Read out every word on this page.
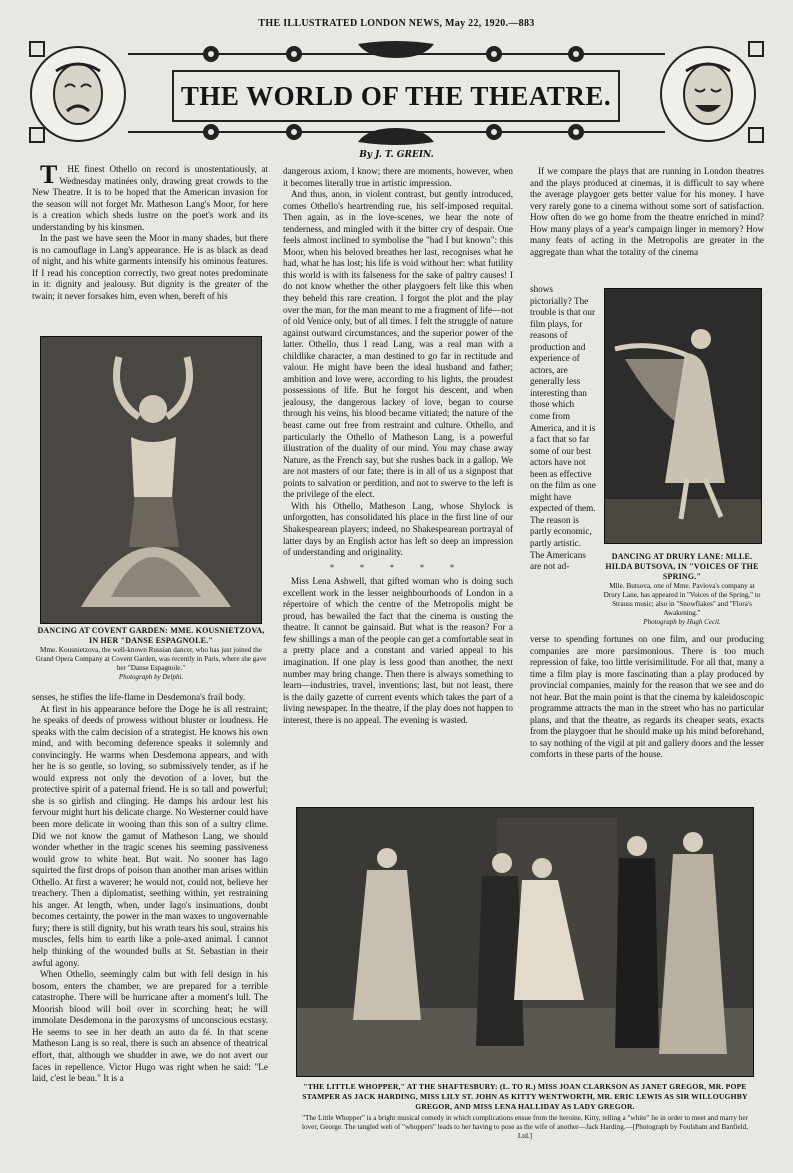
THE ILLUSTRATED LONDON NEWS, May 22, 1920.—883
THE WORLD OF THE THEATRE.
By J. T. GREIN.

THE finest Othello on record is unostentatiously, at Wednesday matinées only, drawing great crowds to the New Theatre. It is to be hoped that the American invasion for the season will not forget Mr. Matheson Lang's Moor, for here is a creation which sheds lustre on the poet's work and its understanding by his kinsmen.

In the past we have seen the Moor in many shades, but there is no camouflage in Lang's appearance. He is as black as dead of night, and his white garments intensify his ominous features. If I read his conception correctly, two great notes predominate in it: dignity and jealousy. But dignity is the greater of the twain; it never forsakes him, even when, bereft of his

DANCING AT COVENT GARDEN: MME. KOUSNIETZOVA, IN HER "DANSE ESPAGNOLE."
Mme. Kousnietzova, the well-known Russian dancer, who has just joined the Grand Opera Company at Covent Garden, was recently in Paris, where she gave her "Danse Espagnole."
Photograph by Delphi.

senses, he stifles the life-flame in Desdemona's frail body.

At first in his appearance before the Doge he is all restraint; he speaks of deeds of prowess without bluster or loudness. He speaks with the calm decision of a strategist. He knows his own mind, and with becoming deference speaks it solemnly and convincingly. He warms when Desdemona appears, and with her he is so gentle, so loving, so submissively tender, as if he would express not only the devotion of a lover, but the protective spirit of a paternal friend. He is so tall and powerful; she is so girlish and clinging. He damps his ardour lest his fervour might hurt his delicate charge. No Westerner could have been more delicate in wooing than this son of a sultry clime. Did we not know the gamut of Matheson Lang, we should wonder whether in the tragic scenes his seeming passiveness would grow to white heat. But wait. No sooner has Iago squirted the first drops of poison than another man arises within Othello. At first a waverer; he would not, could not, believe her treachery. Then a diplomatist, seething within, yet restraining his anger. At length, when, under Iago's insinuations, doubt becomes certainty, the power in the man waxes to ungovernable fury; there is still dignity, but his wrath tears his soul, strains his muscles, fells him to earth like a pole-axed animal. I cannot help thinking of the wounded bulls at St. Sebastian in their awful agony.

When Othello, seemingly calm but with fell design in his bosom, enters the chamber, we are prepared for a terrible catastrophe. There will be hurricane after a moment's lull. The Moorish blood will boil over in scorching heat; he will immolate Desdemona in the paroxysms of unconscious ecstasy. He seems to see in her death an auto da fé. In that scene Matheson Lang is so real, there is such an absence of theatrical effort, that, although we shudder in awe, we do not avert our faces in repellence. Victor Hugo was right when he said: "Le laid, c'est le beau." It is a

dangerous axiom, I know; there are moments, however, when it becomes literally true in artistic impression.

And thus, anon, in violent contrast, but gently introduced, comes Othello's heartrending rue, his self-imposed requital. Then again, as in the love-scenes, we hear the note of tenderness, and mingled with it the bitter cry of despair. One feels almost inclined to symbolise the "had I but known": this Moor, when his beloved breathes her last, recognises what he had, what he has lost; his life is void without her: what futility this world is with its falseness for the sake of paltry causes! I do not know whether the other playgoers felt like this when they beheld this rare creation. I forgot the plot and the play over the man, for the man meant to me a fragment of life—not of old Venice only, but of all times. I felt the struggle of nature against outward circumstances, and the superior power of the latter. Othello, thus I read Lang, was a real man with a childlike character, a man destined to go far in rectitude and valour. He might have been the ideal husband and father; ambition and love were, according to his lights, the proudest possessions of life. But he forgot his descent, and when jealousy, the dangerous lackey of love, began to course through his veins, his blood became vitiated; the nature of the beast came out free from restraint and culture. Othello, and particularly the Othello of Matheson Lang, is a powerful illustration of the duality of our mind. You may chase away Nature, as the French say, but she rushes back in a gallop. We are not masters of our fate; there is in all of us a signpost that points to salvation or perdition, and not to swerve to the left is the privilege of the elect.

With his Othello, Matheson Lang, whose Shylock is unforgotten, has consolidated his place in the first line of our Shakespearean players; indeed, no Shakespearean portrayal of latter days by an English actor has left so deep an impression of understanding and originality.

* * * * *

Miss Lena Ashwell, that gifted woman who is doing such excellent work in the lesser neighbourhoods of London in a répertoire of which the centre of the Metropolis might be proud, has bewailed the fact that the cinema is ousting the theatre. It cannot be gainsaid. But what is the reason? For a few shillings a man of the people can get a comfortable seat in a pretty place and a constant and varied appeal to his imagination. If one play is less good than another, the next number may bring change. Then there is always something to learn—industries, travel, inventions; last, but not least, there is the daily gazette of current events which takes the part of a living newspaper. In the theatre, if the play does not happen to interest, there is no appeal. The evening is wasted.

If we compare the plays that are running in London theatres and the plays produced at cinemas, it is difficult to say where the average playgoer gets better value for his money. I have very rarely gone to a cinema without some sort of satisfaction. How often do we go home from the theatre enriched in mind? How many plays of a year's campaign linger in memory? How many feats of acting in the Metropolis are greater in the aggregate than what the totality of the cinema

shows pictorially? The trouble is that our film plays, for reasons of production and experience of actors, are generally less interesting than those which come from America, and it is a fact that so far some of our best actors have not been as effective on the film as one might have expected of them. The reason is partly economic, partly artistic. The Americans are not ad-

DANCING AT DRURY LANE: MLLE. HILDA BUTSOVA, IN "VOICES OF THE SPRING."
Mlle. Butsova, one of Mme. Pavlova's company at Drury Lane, has appeared in "Voices of the Spring," to Strauss music; also in "Snowflakes" and "Flora's Awakening."
Photograph by Hugh Cecil.

verse to spending fortunes on one film, and our producing companies are more parsimonious. There is too much repression of fake, too little verisimilitude. For all that, many a time a film play is more fascinating than a play produced by provincial companies, mainly for the reason that we see and do not hear. But the main point is that the cinema by kaleidoscopic programme attracts the man in the street who has no particular plans, and that the theatre, as regards its cheaper seats, exacts from the playgoer that he should make up his mind beforehand, to say nothing of the vigil at pit and gallery doors and the lesser comforts in these parts of the house.

"THE LITTLE WHOPPER," AT THE SHAFTESBURY: (L. TO R.) MISS JOAN CLARKSON AS JANET GREGOR, MR. POPE STAMPER AS JACK HARDING, MISS LILY ST. JOHN AS KITTY WENTWORTH, MR. ERIC LEWIS AS SIR WILLOUGHBY GREGOR, AND MISS LENA HALLIDAY AS LADY GREGOR.
"The Little Whopper" is a bright musical comedy in which complications ensue from the heroine, Kitty, telling a "white" lie in order to meet and marry her lover, George. The tangled web of "whoppers" leads to her having to pose as the wife of another—Jack Harding.—[Photograph by Foulsham and Banfield, Ltd.]
